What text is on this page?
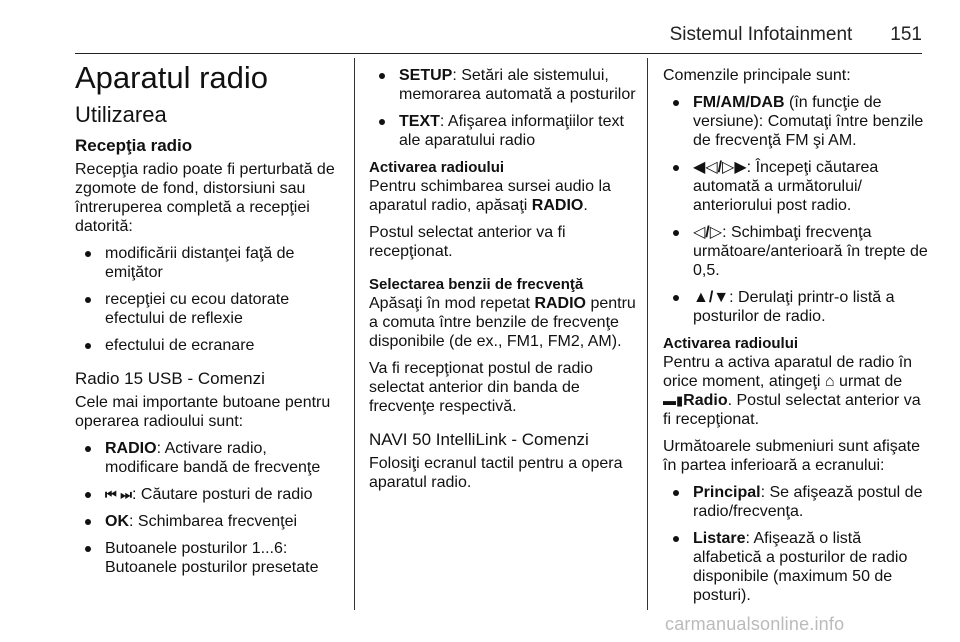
Sistemul Infotainment 151
Aparatul radio
Utilizarea
Recepţia radio

Recepţia radio poate fi perturbată de zgomote de fond, distorsiuni sau întreruperea completă a recepţiei datorită:

modificării distanţei faţă de emiţător
recepţiei cu ecou datorate efectului de reflexie
efectului de ecranare
Radio 15 USB - Comenzi

Cele mai importante butoane pentru operarea radioului sunt:

RADIO: Activare radio, modificare bandă de frecvenţe
⏮ ⏭: Căutare posturi de radio
OK: Schimbarea frecvenţei
Butoanele posturilor 1...6: Butoanele posturilor presetate
SETUP: Setări ale sistemului, memorarea automată a posturilor
TEXT: Afişarea informaţiilor text ale aparatului radio
Activarea radioului

Pentru schimbarea sursei audio la aparatul radio, apăsaţi RADIO.

Postul selectat anterior va fi recepţionat.

Selectarea benzii de frecvenţă

Apăsaţi în mod repetat RADIO pentru a comuta între benzile de frecvenţe disponibile (de ex., FM1, FM2, AM).

Va fi recepţionat postul de radio selectat anterior din banda de frecvenţe respectivă.

NAVI 50 IntelliLink - Comenzi

Folosiţi ecranul tactil pentru a opera aparatul radio.

Comenzile principale sunt:

FM/AM/DAB (în funcţie de versiune): Comutaţi între benzile de frecvenţă FM şi AM.
◀◁/▷▶: Începeţi căutarea automată a următorului/ anteriorului post radio.
◁/▷: Schimbaţi frecvenţa următoare/anterioară în trepte de 0,5.
▲/▼: Derulaţi printr-o listă a posturilor de radio.
Activarea radioului

Pentru a activa aparatul de radio în orice moment, atingeţi ⌂ urmat de ▬▮Radio. Postul selectat anterior va fi recepţionat.

Următoarele submeniuri sunt afişate în partea inferioară a ecranului:

Principal: Se afişează postul de radio/frecvenţa.
Listare: Afişează o listă alfabetică a posturilor de radio disponibile (maximum 50 de posturi).
carmanualsonline.info
